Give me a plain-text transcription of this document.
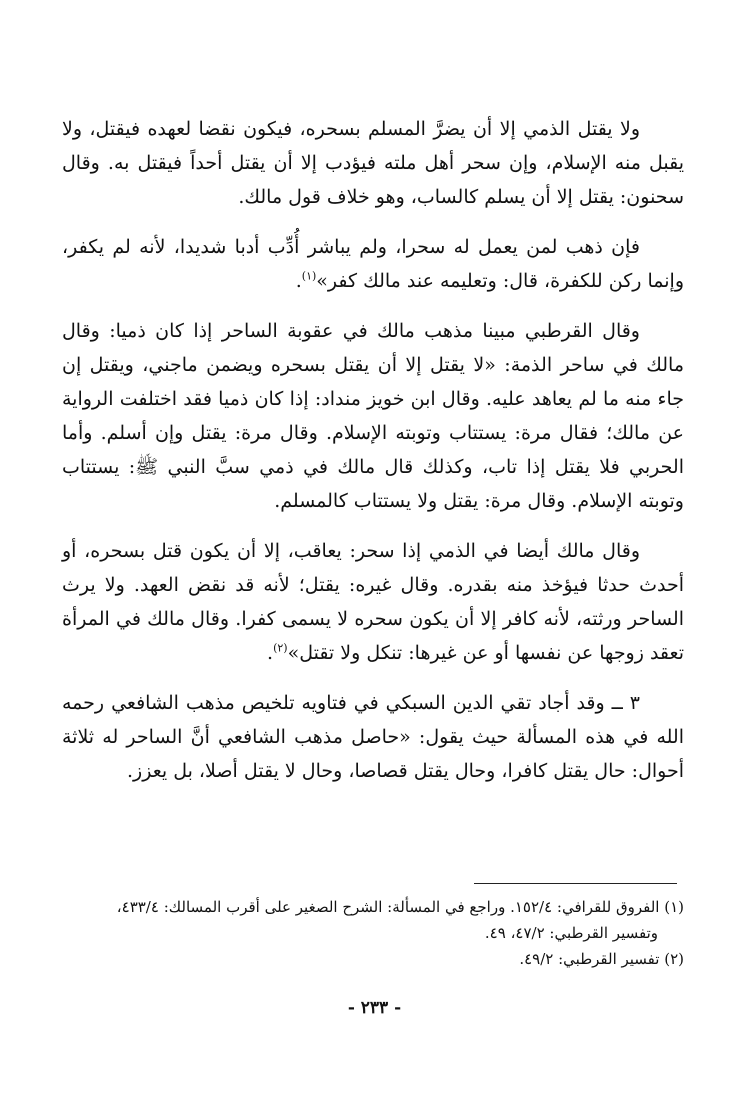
ولا يقتل الذمي إلا أن يضرَّ المسلم بسحره، فيكون نقضا لعهده فيقتل، ولا يقبل منه الإسلام، وإن سحر أهل ملته فيؤدب إلا أن يقتل أحداً فيقتل به. وقال سحنون: يقتل إلا أن يسلم كالساب، وهو خلاف قول مالك.

فإن ذهب لمن يعمل له سحرا، ولم يباشر أُدِّب أدبا شديدا، لأنه لم يكفر، وإنما ركن للكفرة، قال: وتعليمه عند مالك كفر»$^{(١)}$.

وقال القرطبي مبينا مذهب مالك في عقوبة الساحر إذا كان ذميا: وقال مالك في ساحر الذمة: «لا يقتل إلا أن يقتل بسحره ويضمن ماجني، ويقتل إن جاء منه ما لم يعاهد عليه. وقال ابن خويز منداد: إذا كان ذميا فقد اختلفت الرواية عن مالك؛ فقال مرة: يستتاب وتوبته الإسلام. وقال مرة: يقتل وإن أسلم. وأما الحربي فلا يقتل إذا تاب، وكذلك قال مالك في ذمي سبَّ النبي ﷺ: يستتاب وتوبته الإسلام. وقال مرة: يقتل ولا يستتاب كالمسلم.

وقال مالك أيضا في الذمي إذا سحر: يعاقب، إلا أن يكون قتل بسحره، أو أحدث حدثا فيؤخذ منه بقدره. وقال غيره: يقتل؛ لأنه قد نقض العهد. ولا يرث الساحر ورثته، لأنه كافر إلا أن يكون سحره لا يسمى كفرا. وقال مالك في المرأة تعقد زوجها عن نفسها أو عن غيرها: تنكل ولا تقتل»$^{(٢)}$.

٣ ــ وقد أجاد تقي الدين السبكي في فتاويه تلخيص مذهب الشافعي رحمه الله في هذه المسألة حيث يقول: «حاصل مذهب الشافعي أنَّ الساحر له ثلاثة أحوال: حال يقتل كافرا، وحال يقتل قصاصا، وحال لا يقتل أصلا، بل يعزز.

(١) الفروق للقرافي: ١٥٢/٤. وراجع في المسألة: الشرح الصغير على أقرب المسالك: ٤٣٣/٤،
وتفسير القرطبي: ٤٧/٢، ٤٩.
(٢) تفسير القرطبي: ٤٩/٢.
- ٢٣٣ -
